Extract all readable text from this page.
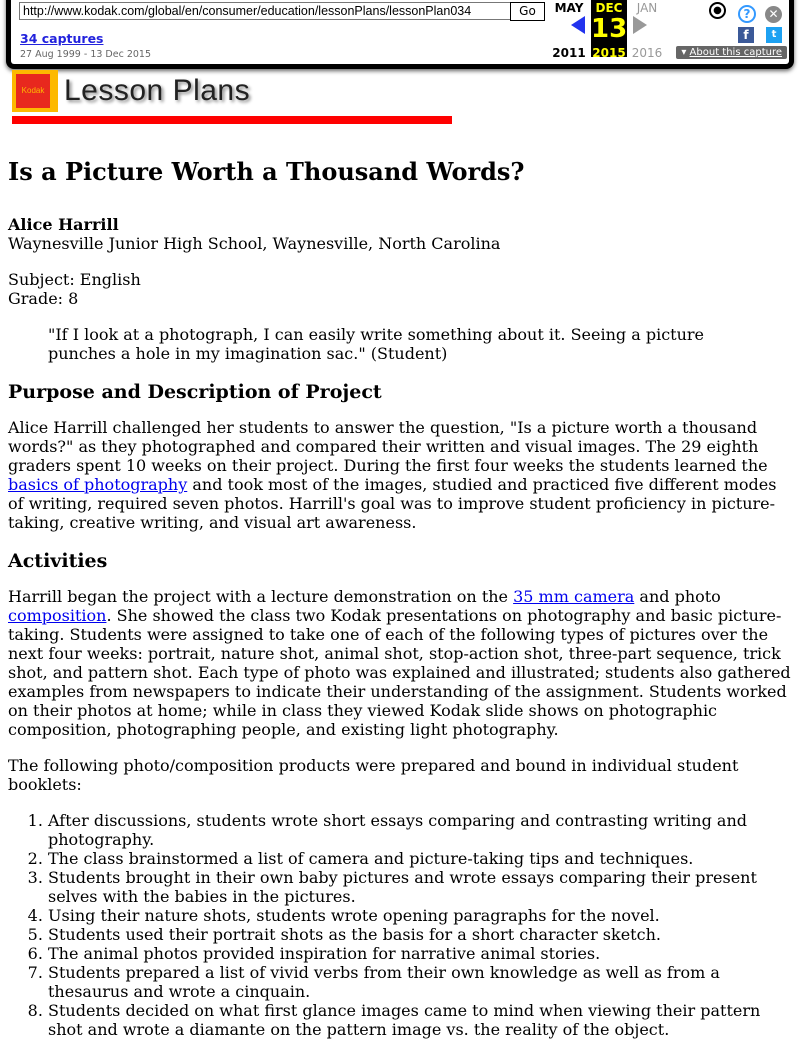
http://www.kodak.com/global/en/consumer/education/lessonPlans/lessonPlan034	Go
34 captures
27 Aug 1999 - 13 Dec 2015
MAY
2011
DEC
13
2015
JAN
2016	▾ About this capture
●	?	✕
f	t
Kodak Lesson Plans
Is a Picture Worth a Thousand Words?
Alice Harrill

Waynesville Junior High School, Waynesville, North Carolina

Subject: English

Grade: 8

"If I look at a photograph, I can easily write something about it. Seeing a picture punches a hole in my imagination sac." (Student)
Purpose and Description of Project

Alice Harrill challenged her students to answer the question, "Is a picture worth a thousand words?" as they photographed and compared their written and visual images. The 29 eighth graders spent 10 weeks on their project. During the first four weeks the students learned the basics of photography and took most of the images, studied and practiced five different modes of writing, required seven photos. Harrill's goal was to improve student proficiency in picture-taking, creative writing, and visual art awareness.

Activities

Harrill began the project with a lecture demonstration on the 35 mm camera and photo composition. She showed the class two Kodak presentations on photography and basic picture-taking. Students were assigned to take one of each of the following types of pictures over the next four weeks: portrait, nature shot, animal shot, stop-action shot, three-part sequence, trick shot, and pattern shot. Each type of photo was explained and illustrated; students also gathered examples from newspapers to indicate their understanding of the assignment. Students worked on their photos at home; while in class they viewed Kodak slide shows on photographic composition, photographing people, and existing light photography.

The following photo/composition products were prepared and bound in individual student booklets:

1. After discussions, students wrote short essays comparing and contrasting writing and photography.
2. The class brainstormed a list of camera and picture-taking tips and techniques.
3. Students brought in their own baby pictures and wrote essays comparing their present selves with the babies in the pictures.
4. Using their nature shots, students wrote opening paragraphs for the novel.
5. Students used their portrait shots as the basis for a short character sketch.
6. The animal photos provided inspiration for narrative animal stories.
7. Students prepared a list of vivid verbs from their own knowledge as well as from a thesaurus and wrote a cinquain.
8. Students decided on what first glance images came to mind when viewing their pattern shot and wrote a diamante on the pattern image vs. the reality of the object.
